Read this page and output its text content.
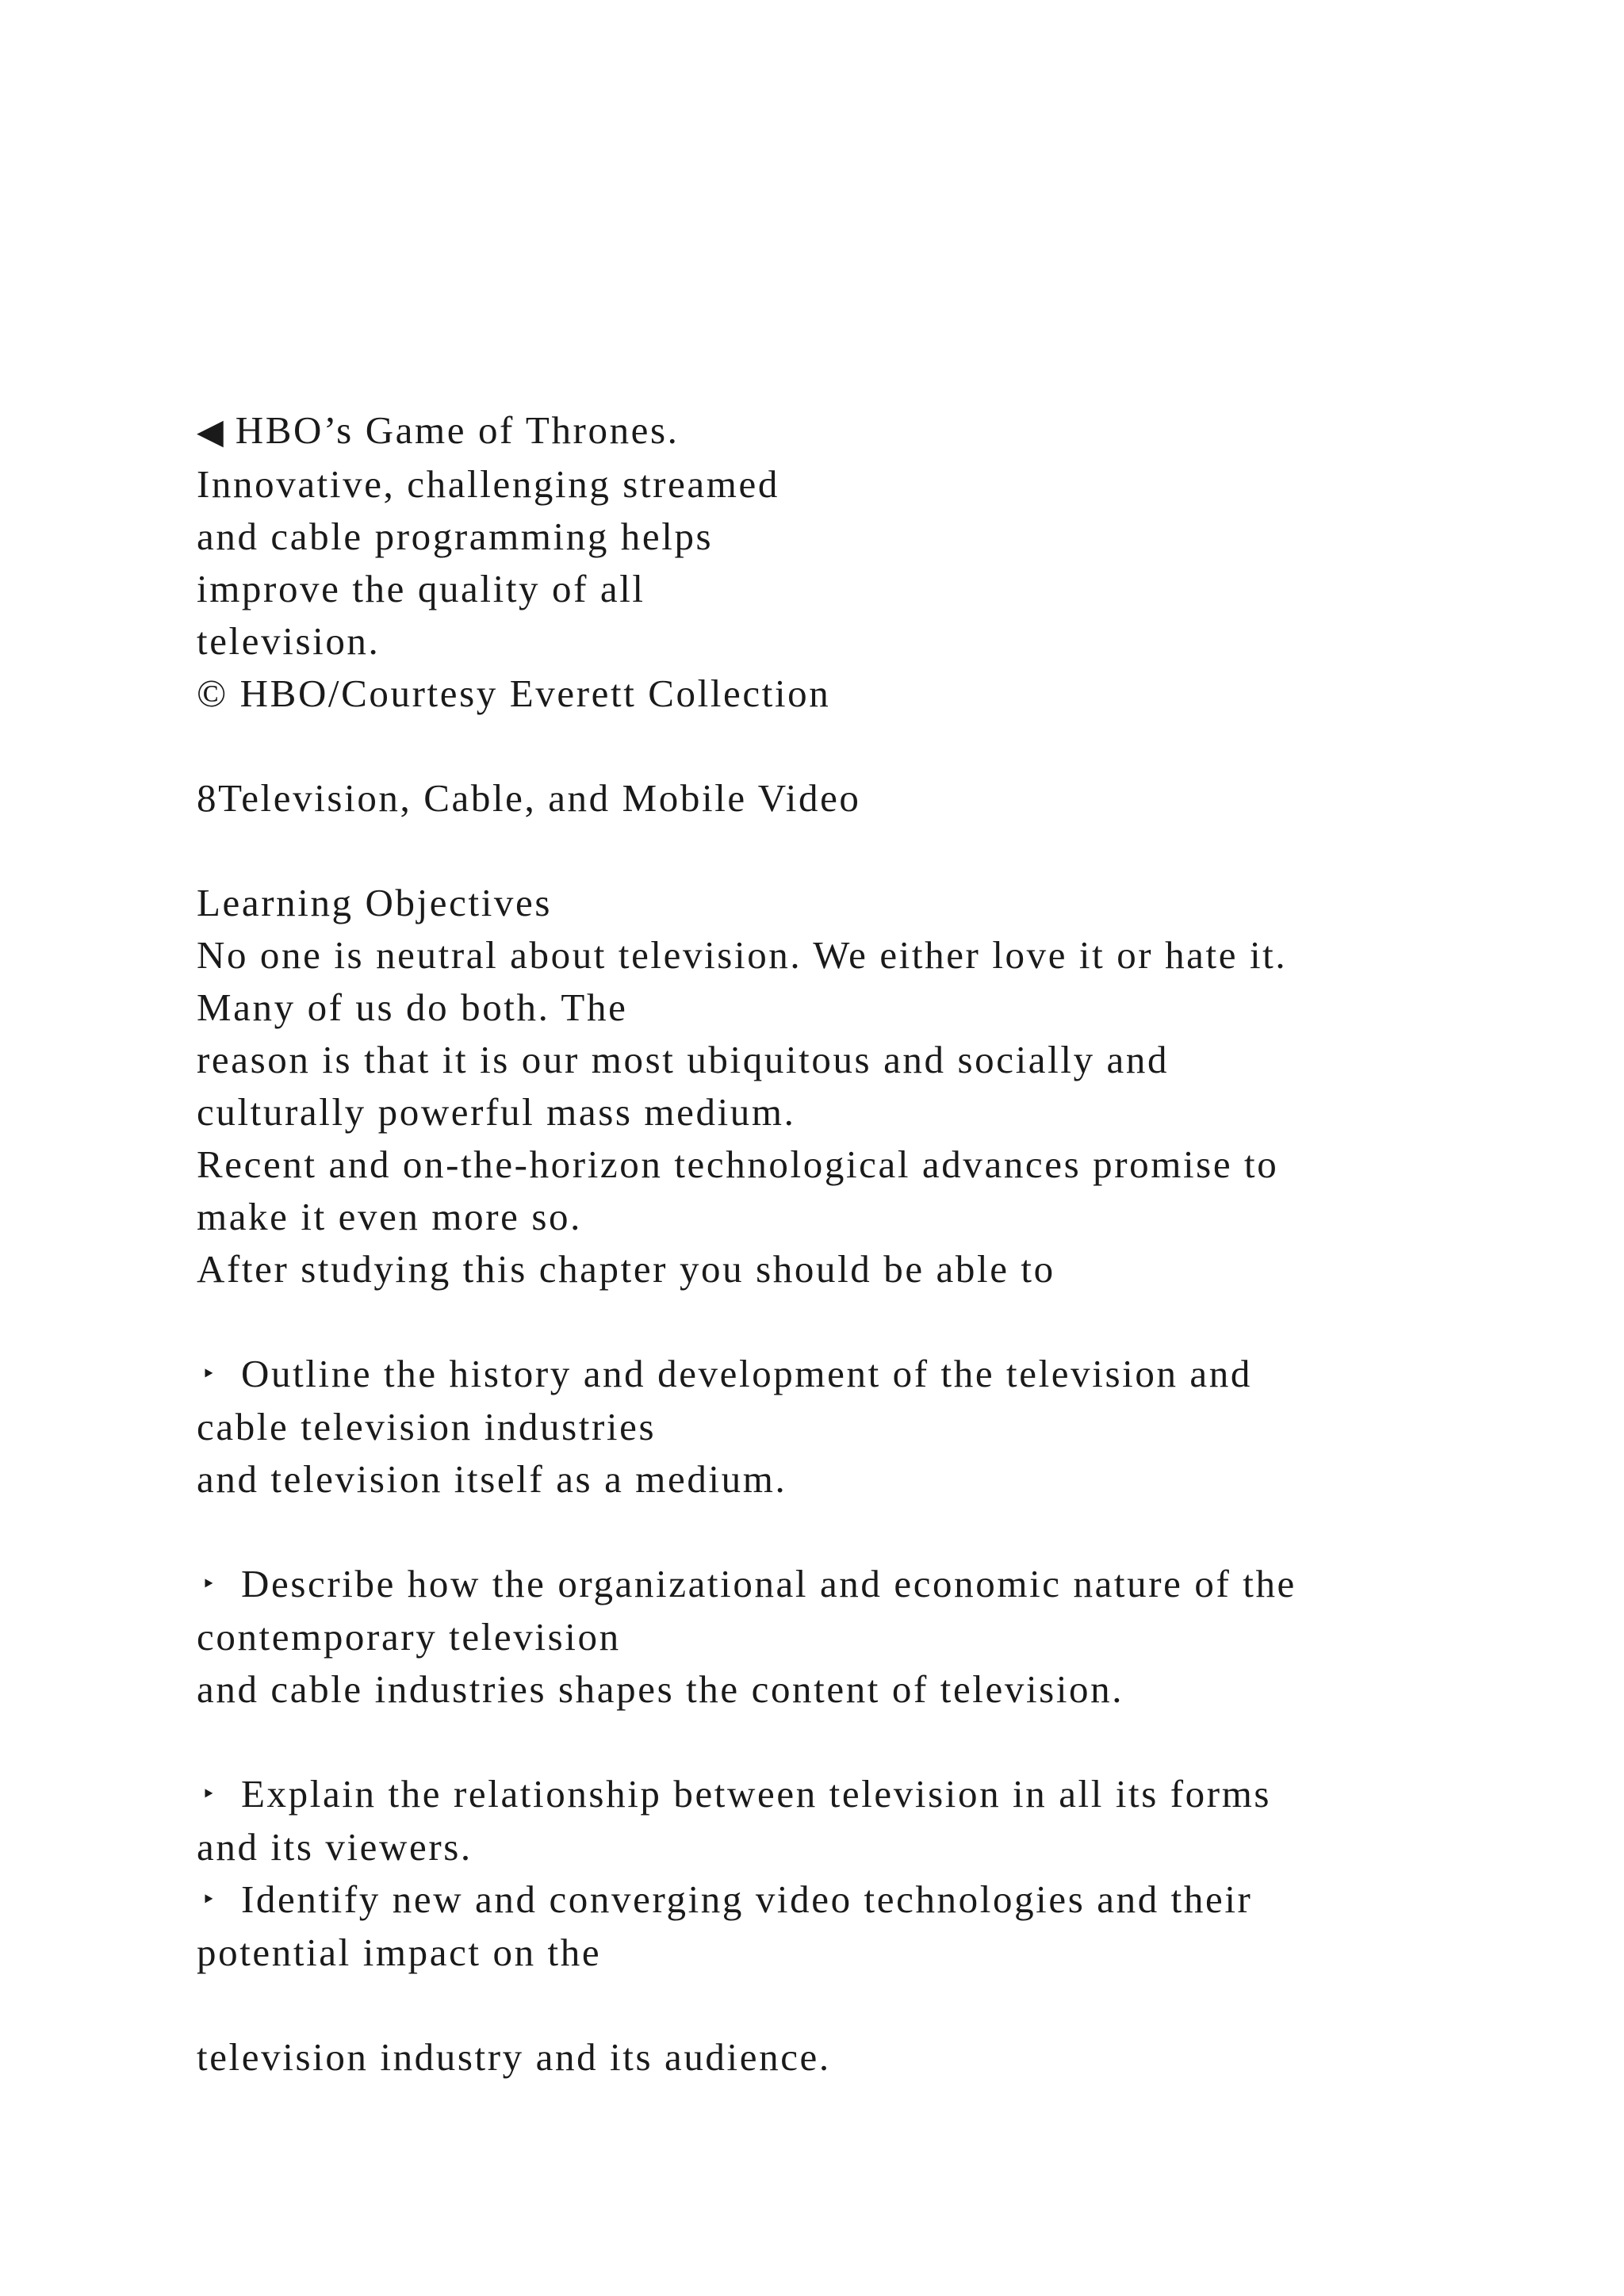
◀ HBO’s Game of Thrones.
Innovative, challenging streamed
and cable programming helps
improve the quality of all
television.
© HBO/Courtesy Everett Collection
8Television, Cable, and Mobile Video
Learning Objectives
No one is neutral about television. We either love it or hate it.
Many of us do both. The
reason is that it is our most ubiquitous and socially and
culturally powerful mass medium.
Recent and on-the-horizon technological advances promise to
make it even more so.
After studying this chapter you should be able to
‣ Outline the history and development of the television and
cable television industries
and television itself as a medium.
‣ Describe how the organizational and economic nature of the
contemporary television
and cable industries shapes the content of television.
‣ Explain the relationship between television in all its forms
and its viewers.
‣ Identify new and converging video technologies and their
potential impact on the
television industry and its audience.
